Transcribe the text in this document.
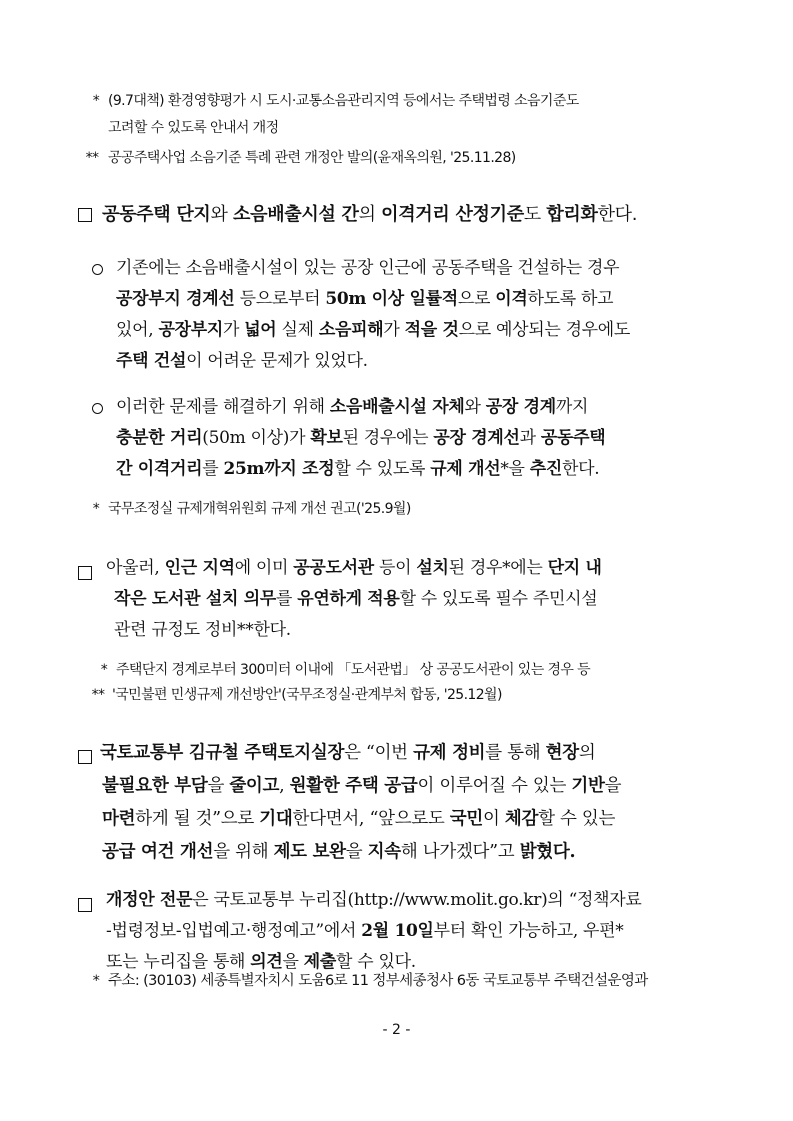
* (9.7대책) 환경영향평가 시 도시·교통소음관리지역 등에서는 주택법령 소음기준도
고려할 수 있도록 안내서 개정
** 공공주택사업 소음기준 특례 관련 개정안 발의(윤재옥의원, '25.11.28)
공동주택 단지와 소음배출시설 간의 이격거리 산정기준도 합리화한다.
기존에는 소음배출시설이 있는 공장 인근에 공동주택을 건설하는 경우
공장부지 경계선 등으로부터 50m 이상 일률적으로 이격하도록 하고
있어, 공장부지가 넓어 실제 소음피해가 적을 것으로 예상되는 경우에도
주택 건설이 어려운 문제가 있었다.
이러한 문제를 해결하기 위해 소음배출시설 자체와 공장 경계까지
충분한 거리(50m 이상)가 확보된 경우에는 공장 경계선과 공동주택
간 이격거리를 25m까지 조정할 수 있도록 규제 개선*을 추진한다.
* 국무조정실 규제개혁위원회 규제 개선 권고('25.9월)
아울러, 인근 지역에 이미 공공도서관 등이 설치된 경우*에는 단지 내
작은 도서관 설치 의무를 유연하게 적용할 수 있도록 필수 주민시설
관련 규정도 정비**한다.
* 주택단지 경계로부터 300미터 이내에 「도서관법」 상 공공도서관이 있는 경우 등
** '국민불편 민생규제 개선방안'(국무조정실·관계부처 합동, '25.12월)
국토교통부 김규철 주택토지실장은 “이번 규제 정비를 통해 현장의
불필요한 부담을 줄이고, 원활한 주택 공급이 이루어질 수 있는 기반을
마련하게 될 것”으로 기대한다면서, “앞으로도 국민이 체감할 수 있는
공급 여건 개선을 위해 제도 보완을 지속해 나가겠다”고 밝혔다.
개정안 전문은 국토교통부 누리집(http://www.molit.go.kr)의 “정책자료
-법령정보-입법예고·행정예고”에서 2월 10일부터 확인 가능하고, 우편*
또는 누리집을 통해 의견을 제출할 수 있다.
* 주소: (30103) 세종특별자치시 도움6로 11 정부세종청사 6동 국토교통부 주택건설운영과
- 2 -
